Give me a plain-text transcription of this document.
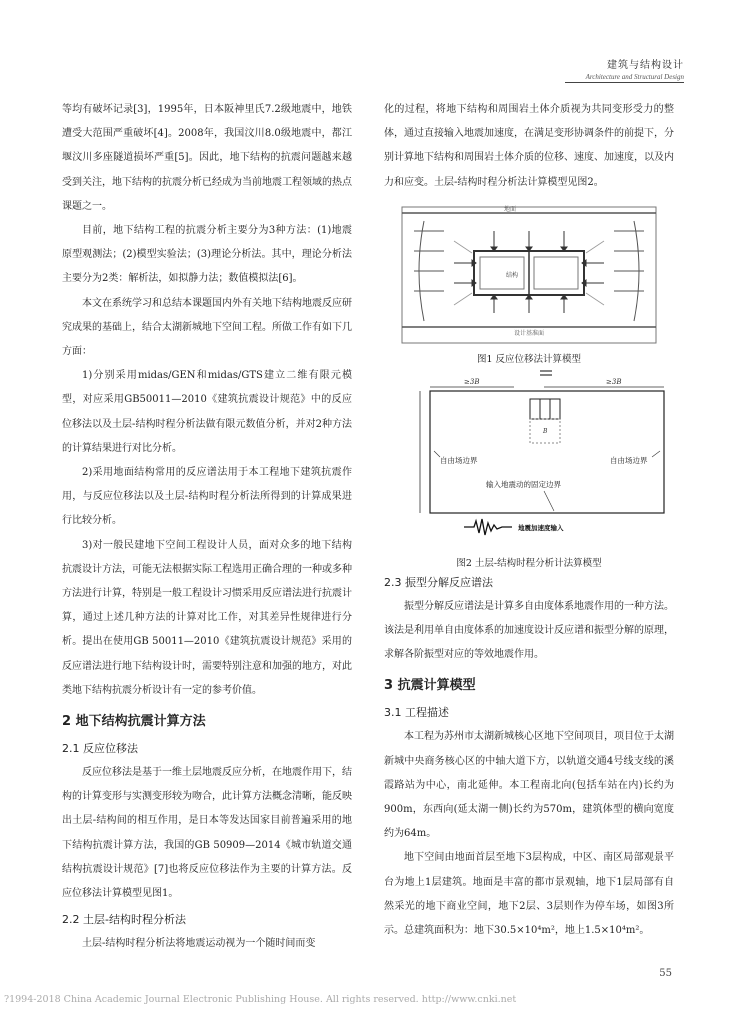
建筑与结构设计
Architecture and Structural Design

等均有破坏记录[3]，1995年，日本阪神里氏7.2级地震中，地铁遭受大范围严重破坏[4]。2008年，我国汶川8.0级地震中，都江堰汶川多座隧道损坏严重[5]。因此，地下结构的抗震问题越来越受到关注，地下结构的抗震分析已经成为当前地震工程领域的热点课题之一。

目前，地下结构工程的抗震分析主要分为3种方法：(1)地震原型观测法；(2)模型实验法；(3)理论分析法。其中，理论分析法主要分为2类：解析法，如拟静力法；数值模拟法[6]。

本文在系统学习和总结本课题国内外有关地下结构地震反应研究成果的基础上，结合太湖新城地下空间工程。所做工作有如下几方面：

1)分别采用midas/GEN和midas/GTS建立二维有限元模型，对应采用GB50011—2010《建筑抗震设计规范》中的反应位移法以及土层-结构时程分析法做有限元数值分析，并对2种方法的计算结果进行对比分析。

2)采用地面结构常用的反应谱法用于本工程地下建筑抗震作用，与反应位移法以及土层-结构时程分析法所得到的计算成果进行比较分析。

3)对一般民建地下空间工程设计人员，面对众多的地下结构抗震设计方法，可能无法根据实际工程选用正确合理的一种或多种方法进行计算，特别是一般工程设计习惯采用反应谱法进行抗震计算，通过上述几种方法的计算对比工作，对其差异性规律进行分析。提出在使用GB 50011—2010《建筑抗震设计规范》采用的反应谱法进行地下结构设计时，需要特别注意和加强的地方，对此类地下结构抗震分析设计有一定的参考价值。

2 地下结构抗震计算方法
2.1 反应位移法

反应位移法是基于一维土层地震反应分析，在地震作用下，结构的计算变形与实测变形较为吻合，此计算方法概念清晰，能反映出土层-结构间的相互作用，是日本等发达国家目前普遍采用的地下结构抗震计算方法，我国的GB 50909—2014《城市轨道交通结构抗震设计规范》[7]也将反应位移法作为主要的计算方法。反应位移法计算模型见图1。

2.2 土层-结构时程分析法

土层-结构时程分析法将地震运动视为一个随时间而变

化的过程，将地下结构和周围岩土体介质视为共同变形受力的整体，通过直接输入地震加速度，在满足变形协调条件的前提下，分别计算地下结构和周围岩土体介质的位移、速度、加速度，以及内力和应变。土层-结构时程分析法计算模型见图2。

地面
设计基准面
结构
图1 反应位移法计算模型
≥3B	≥3B
B
自由场边界	自由场边界
输入地震动的固定边界
地震加速度输入
图2 土层-结构时程分析计法算模型
2.3 振型分解反应谱法

振型分解反应谱法是计算多自由度体系地震作用的一种方法。该法是利用单自由度体系的加速度设计反应谱和振型分解的原理，求解各阶振型对应的等效地震作用。

3 抗震计算模型
3.1 工程描述

本工程为苏州市太湖新城核心区地下空间项目，项目位于太湖新城中央商务核心区的中轴大道下方，以轨道交通4号线支线的溪霞路站为中心，南北延伸。本工程南北向(包括车站在内)长约为900m，东西向(延太湖一侧)长约为570m，建筑体型的横向宽度约为64m。

地下空间由地面首层至地下3层构成，中区、南区局部观景平台为地上1层建筑。地面是丰富的都市景观轴，地下1层局部有自然采光的地下商业空间，地下2层、3层则作为停车场，如图3所示。总建筑面积为：地下30.5×10⁴m²，地上1.5×10⁴m²。

55
?1994-2018 China Academic Journal Electronic Publishing House. All rights reserved. http://www.cnki.net
